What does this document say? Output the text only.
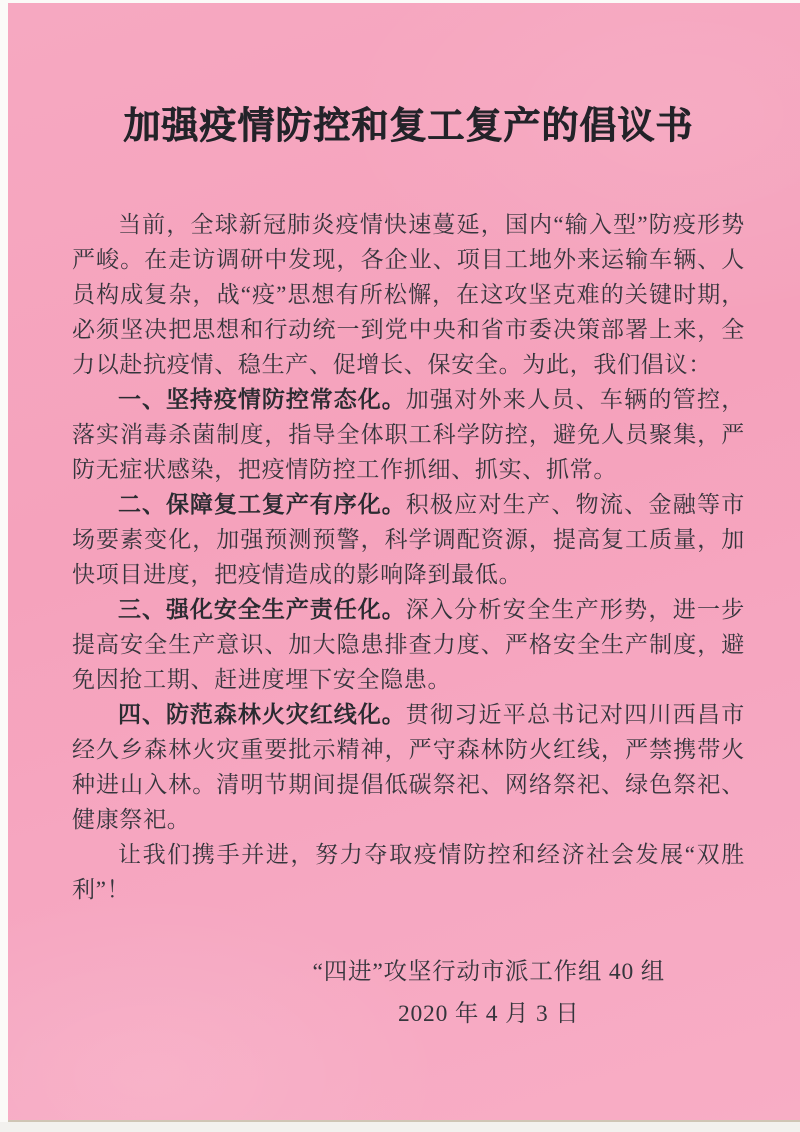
加强疫情防控和复工复产的倡议书

当前，全球新冠肺炎疫情快速蔓延，国内“输入型”防疫形势严峻。在走访调研中发现，各企业、项目工地外来运输车辆、人员构成复杂，战“疫”思想有所松懈，在这攻坚克难的关键时期，必须坚决把思想和行动统一到党中央和省市委决策部署上来，全力以赴抗疫情、稳生产、促增长、保安全。为此，我们倡议：

一、坚持疫情防控常态化。加强对外来人员、车辆的管控，落实消毒杀菌制度，指导全体职工科学防控，避免人员聚集，严防无症状感染，把疫情防控工作抓细、抓实、抓常。

二、保障复工复产有序化。积极应对生产、物流、金融等市场要素变化，加强预测预警，科学调配资源，提高复工质量，加快项目进度，把疫情造成的影响降到最低。

三、强化安全生产责任化。深入分析安全生产形势，进一步提高安全生产意识、加大隐患排查力度、严格安全生产制度，避免因抢工期、赶进度埋下安全隐患。

四、防范森林火灾红线化。贯彻习近平总书记对四川西昌市经久乡森林火灾重要批示精神，严守森林防火红线，严禁携带火种进山入林。清明节期间提倡低碳祭祀、网络祭祀、绿色祭祀、健康祭祀。

让我们携手并进，努力夺取疫情防控和经济社会发展“双胜利”！

“四进”攻坚行动市派工作组 40 组
2020 年 4 月 3 日
